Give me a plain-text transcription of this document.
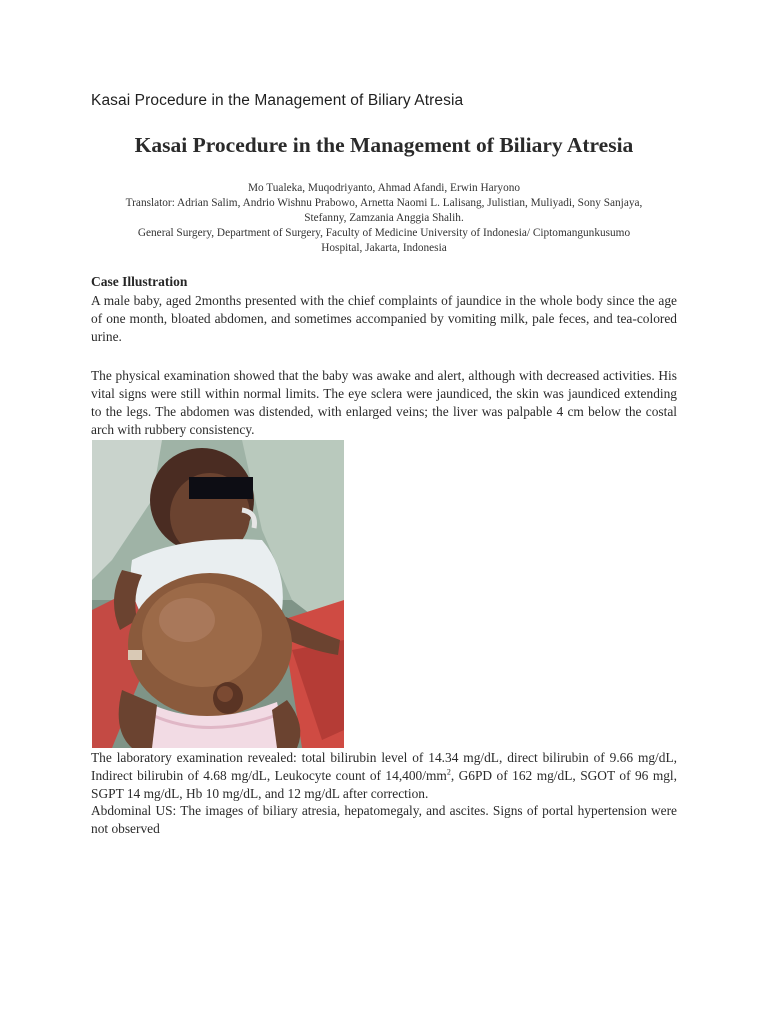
Kasai Procedure in the Management of Biliary Atresia
Kasai Procedure in the Management of Biliary Atresia
Mo Tualeka, Muqodriyanto, Ahmad Afandi, Erwin Haryono
Translator: Adrian Salim, Andrio Wishnu Prabowo, Arnetta Naomi L. Lalisang, Julistian, Muliyadi, Sony Sanjaya,
Stefanny, Zamzania Anggia Shalih.
General Surgery, Department of Surgery, Faculty of Medicine University of Indonesia/ Ciptomangunkusumo
Hospital, Jakarta, Indonesia
Case Illustration

A male baby, aged 2months presented with the chief complaints of jaundice in the whole body since the age of one month, bloated abdomen, and sometimes accompanied by vomiting milk, pale feces, and tea-colored urine.

The physical examination showed that the baby was awake and alert, although with decreased activities. His vital signs were still within normal limits. The eye sclera were jaundiced, the skin was jaundiced extending to the legs. The abdomen was distended, with enlarged veins; the liver was palpable 4 cm below the costal arch with rubbery consistency.

The laboratory examination revealed: total bilirubin level of 14.34 mg/dL, direct bilirubin of 9.66 mg/dL, Indirect bilirubin of 4.68 mg/dL, Leukocyte count of $14,400/mm^2$, G6PD of 162 mg/dL, SGOT of 96 mgl, SGPT 14 mg/dL, Hb 10 mg/dL, and 12 mg/dL after correction.

Abdominal US: The images of biliary atresia, hepatomegaly, and ascites. Signs of portal hypertension were not observed
